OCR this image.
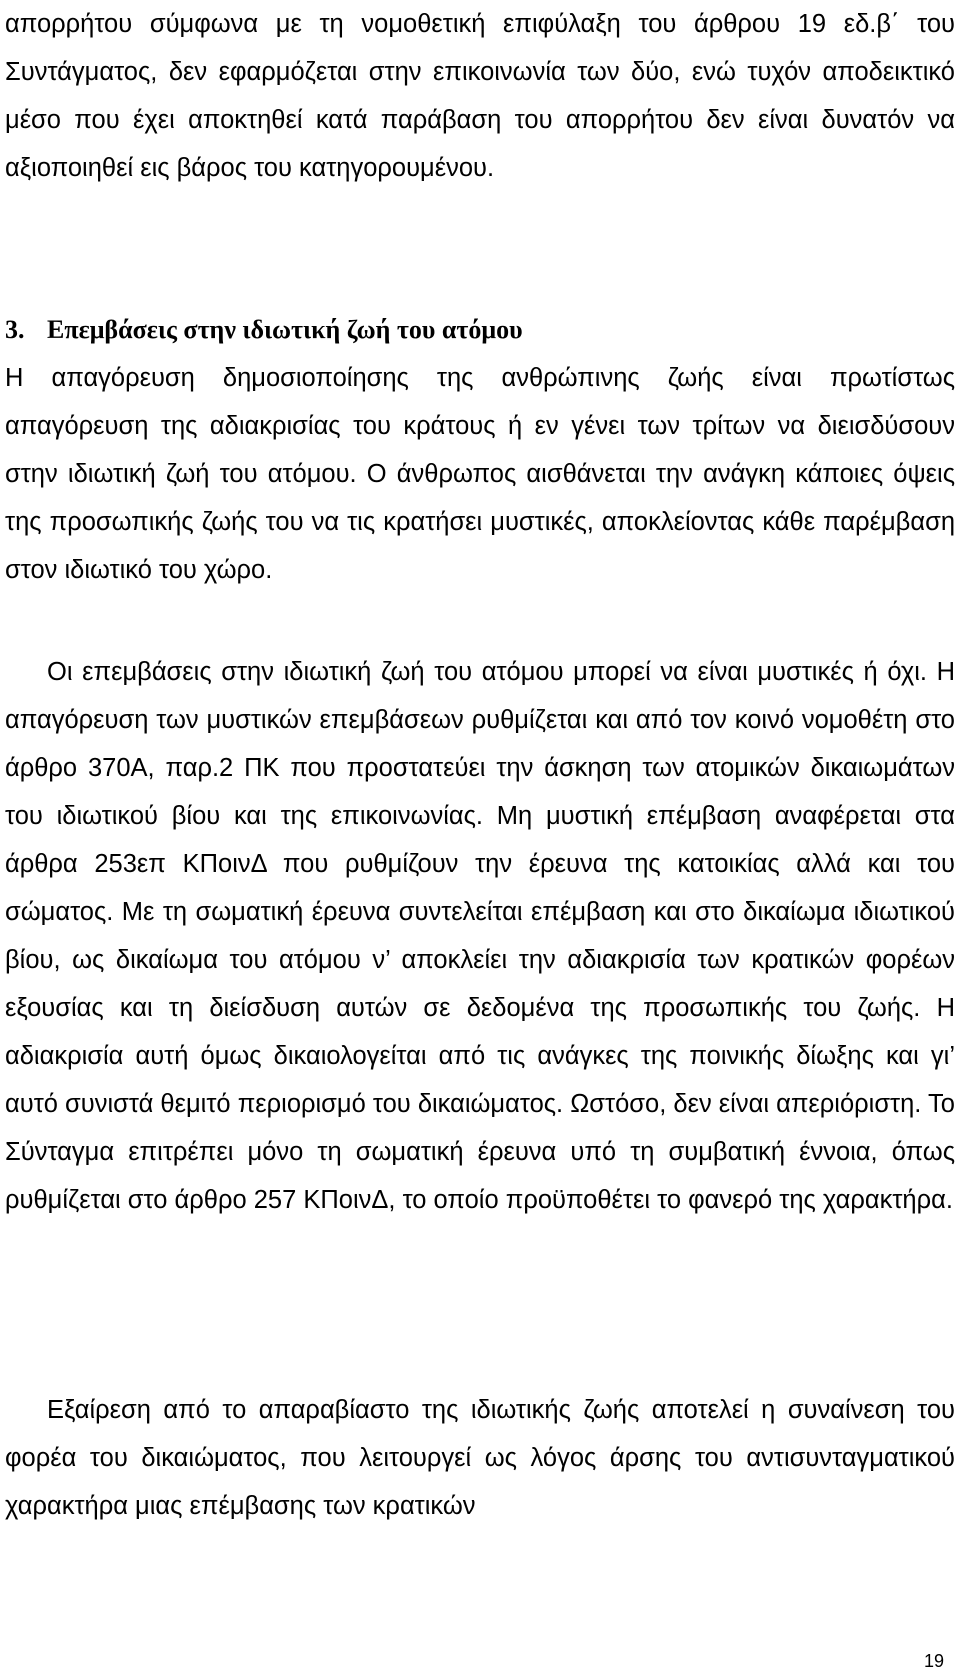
απορρήτου σύμφωνα με τη νομοθετική επιφύλαξη του άρθρου 19 εδ.β΄ του Συντάγματος, δεν εφαρμόζεται στην επικοινωνία των δύο, ενώ τυχόν αποδεικτικό μέσο που έχει αποκτηθεί κατά παράβαση του απορρήτου δεν είναι δυνατόν να αξιοποιηθεί εις βάρος του κατηγορουμένου.
3. Επεμβάσεις στην ιδιωτική ζωή του ατόμου
Η απαγόρευση δημοσιοποίησης της ανθρώπινης ζωής είναι πρωτίστως απαγόρευση της αδιακρισίας του κράτους ή εν γένει των τρίτων να διεισδύσουν στην ιδιωτική ζωή του ατόμου. Ο άνθρωπος αισθάνεται την ανάγκη κάποιες όψεις της προσωπικής ζωής του να τις κρατήσει μυστικές, αποκλείοντας κάθε παρέμβαση στον ιδιωτικό του χώρο.
Οι επεμβάσεις στην ιδιωτική ζωή του ατόμου μπορεί να είναι μυστικές ή όχι. Η απαγόρευση των μυστικών επεμβάσεων ρυθμίζεται και από τον κοινό νομοθέτη στο άρθρο 370Α, παρ.2 ΠΚ που προστατεύει την άσκηση των ατομικών δικαιωμάτων του ιδιωτικού βίου και της επικοινωνίας. Μη μυστική επέμβαση αναφέρεται στα άρθρα 253επ ΚΠοινΔ που ρυθμίζουν την έρευνα της κατοικίας αλλά και του σώματος. Με τη σωματική έρευνα συντελείται επέμβαση και στο δικαίωμα ιδιωτικού βίου, ως δικαίωμα του ατόμου ν’ αποκλείει την αδιακρισία των κρατικών φορέων εξουσίας και τη διείσδυση αυτών σε δεδομένα της προσωπικής του ζωής. Η αδιακρισία αυτή όμως δικαιολογείται από τις ανάγκες της ποινικής δίωξης και γι’ αυτό συνιστά θεμιτό περιορισμό του δικαιώματος. Ωστόσο, δεν είναι απεριόριστη. Το Σύνταγμα επιτρέπει μόνο τη σωματική έρευνα υπό τη συμβατική έννοια, όπως ρυθμίζεται στο άρθρο 257 ΚΠοινΔ, το οποίο προϋποθέτει το φανερό της χαρακτήρα.
Εξαίρεση από το απαραβίαστο της ιδιωτικής ζωής αποτελεί η συναίνεση του φορέα του δικαιώματος, που λειτουργεί ως λόγος άρσης του αντισυνταγματικού χαρακτήρα μιας επέμβασης των κρατικών
19
